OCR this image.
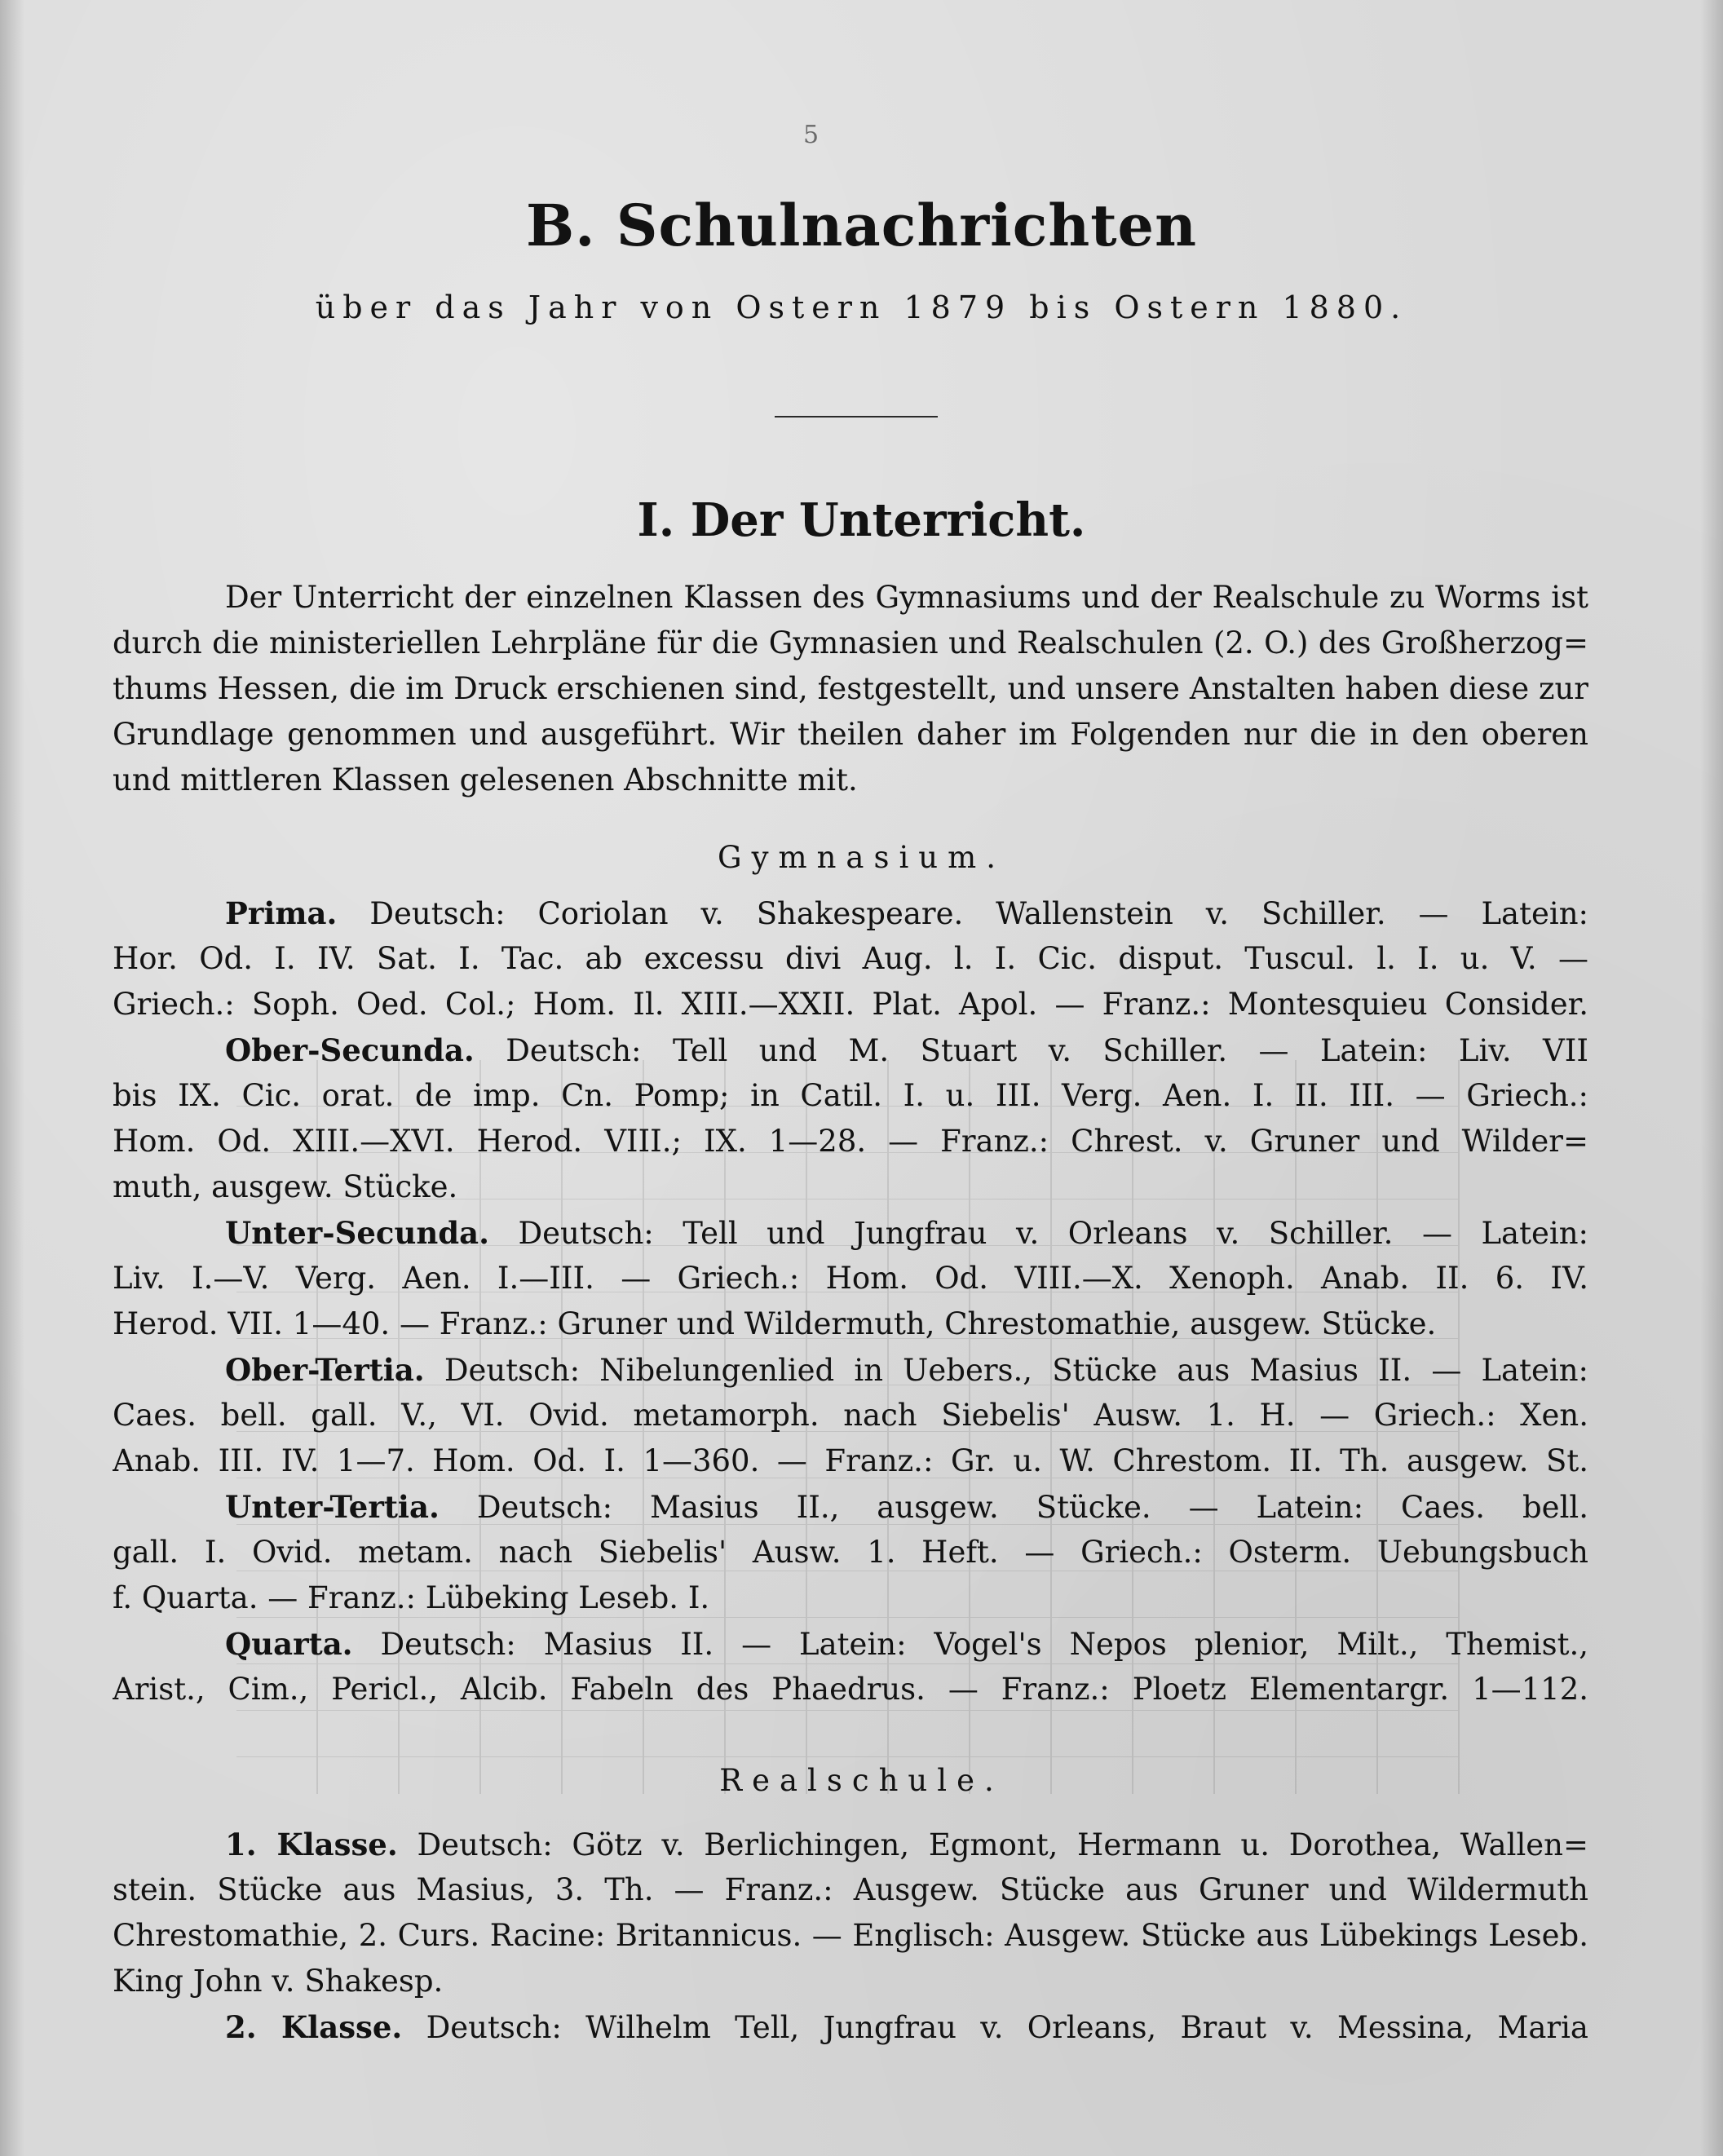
5
B. Schulnachrichten
über das Jahr von Ostern 1879 bis Ostern 1880.
I. Der Unterricht.
Der Unterricht der einzelnen Klassen des Gymnasiums und der Realschule zu Worms ist
durch die ministeriellen Lehrpläne für die Gymnasien und Realschulen (2. O.) des Großherzog=
thums Hessen, die im Druck erschienen sind, festgestellt, und unsere Anstalten haben diese zur
Grundlage genommen und ausgeführt. Wir theilen daher im Folgenden nur die in den oberen
und mittleren Klassen gelesenen Abschnitte mit.
Gymnasium.
Prima. Deutsch: Coriolan v. Shakespeare. Wallenstein v. Schiller. — Latein:
Hor. Od. I. IV. Sat. I. Tac. ab excessu divi Aug. l. I. Cic. disput. Tuscul. l. I. u. V. —
Griech.: Soph. Oed. Col.; Hom. Il. XIII.—XXII. Plat. Apol. — Franz.: Montesquieu Consider.
Ober-Secunda. Deutsch: Tell und M. Stuart v. Schiller. — Latein: Liv. VII
bis IX. Cic. orat. de imp. Cn. Pomp; in Catil. I. u. III. Verg. Aen. I. II. III. — Griech.:
Hom. Od. XIII.—XVI. Herod. VIII.; IX. 1—28. — Franz.: Chrest. v. Gruner und Wilder=
muth, ausgew. Stücke.
Unter-Secunda. Deutsch: Tell und Jungfrau v. Orleans v. Schiller. — Latein:
Liv. I.—V. Verg. Aen. I.—III. — Griech.: Hom. Od. VIII.—X. Xenoph. Anab. II. 6. IV.
Herod. VII. 1—40. — Franz.: Gruner und Wildermuth, Chrestomathie, ausgew. Stücke.
Ober-Tertia. Deutsch: Nibelungenlied in Uebers., Stücke aus Masius II. — Latein:
Caes. bell. gall. V., VI. Ovid. metamorph. nach Siebelis' Ausw. 1. H. — Griech.: Xen.
Anab. III. IV. 1—7. Hom. Od. I. 1—360. — Franz.: Gr. u. W. Chrestom. II. Th. ausgew. St.
Unter-Tertia. Deutsch: Masius II., ausgew. Stücke. — Latein: Caes. bell.
gall. I. Ovid. metam. nach Siebelis' Ausw. 1. Heft. — Griech.: Osterm. Uebungsbuch
f. Quarta. — Franz.: Lübeking Leseb. I.
Quarta. Deutsch: Masius II. — Latein: Vogel's Nepos plenior, Milt., Themist.,
Arist., Cim., Pericl., Alcib. Fabeln des Phaedrus. — Franz.: Ploetz Elementargr. 1—112.
Realschule.
1. Klasse. Deutsch: Götz v. Berlichingen, Egmont, Hermann u. Dorothea, Wallen=
stein. Stücke aus Masius, 3. Th. — Franz.: Ausgew. Stücke aus Gruner und Wildermuth
Chrestomathie, 2. Curs. Racine: Britannicus. — Englisch: Ausgew. Stücke aus Lübekings Leseb.
King John v. Shakesp.
2. Klasse. Deutsch: Wilhelm Tell, Jungfrau v. Orleans, Braut v. Messina, Maria
